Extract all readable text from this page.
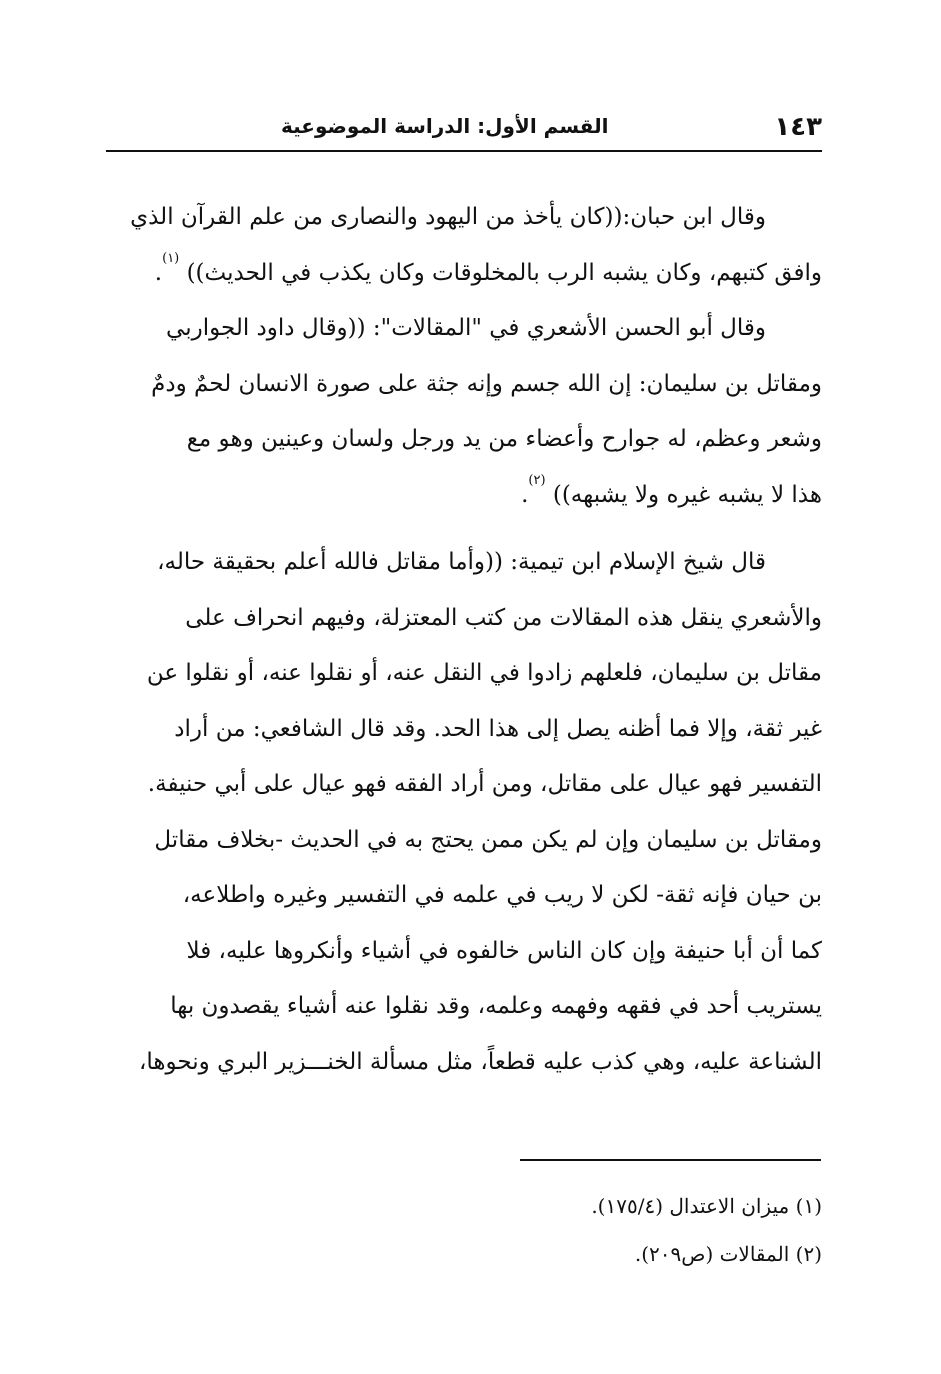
١٤٣
القسم الأول: الدراسة الموضوعية
وقال ابن حبان:((كان يأخذ من اليهود والنصارى من علم القرآن الذي
وافق كتبهم، وكان يشبه الرب بالمخلوقات وكان يكذب في الحديث)) $^{(١)}$.
وقال أبو الحسن الأشعري في "المقالات": ((وقال داود الجواربي
ومقاتل بن سليمان: إن الله جسم وإنه جثة على صورة الانسان لحمٌ ودمٌ
وشعر وعظم، له جوارح وأعضاء من يد ورجل ولسان وعينين وهو مع
هذا لا يشبه غيره ولا يشبهه)) $^{(٢)}$.
قال شيخ الإسلام ابن تيمية: ((وأما مقاتل فالله أعلم بحقيقة حاله،
والأشعري ينقل هذه المقالات من كتب المعتزلة، وفيهم انحراف على
مقاتل بن سليمان، فلعلهم زادوا في النقل عنه، أو نقلوا عنه، أو نقلوا عن
غير ثقة، وإلا فما أظنه يصل إلى هذا الحد. وقد قال الشافعي: من أراد
التفسير فهو عيال على مقاتل، ومن أراد الفقه فهو عيال على أبي حنيفة.
ومقاتل بن سليمان وإن لم يكن ممن يحتج به في الحديث -بخلاف مقاتل
بن حيان فإنه ثقة- لكن لا ريب في علمه في التفسير وغيره واطلاعه،
كما أن أبا حنيفة وإن كان الناس خالفوه في أشياء وأنكروها عليه، فلا
يستريب أحد في فقهه وفهمه وعلمه، وقد نقلوا عنه أشياء يقصدون بها
الشناعة عليه، وهي كذب عليه قطعاً، مثل مسألة الخنـــزير البري ونحوها،
(١) ميزان الاعتدال (١٧٥/٤).
(٢) المقالات (ص٢٠٩).
